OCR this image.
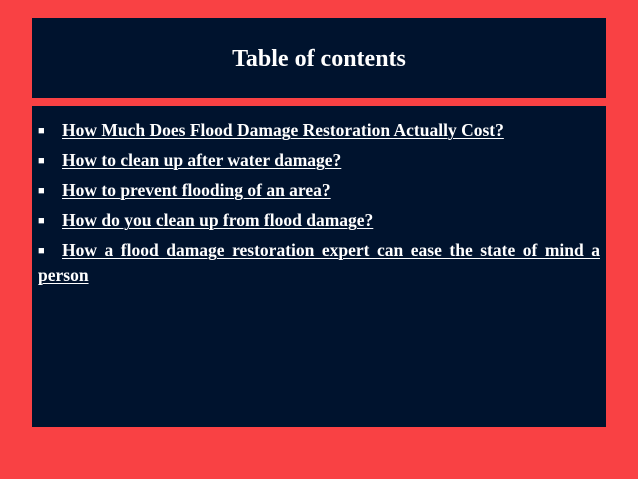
Table of contents
■ How Much Does Flood Damage Restoration Actually Cost?
■ How to clean up after water damage?
■ How to prevent flooding of an area?
■ How do you clean up from flood damage?
■ How a flood damage restoration expert can ease the state of mind a person
